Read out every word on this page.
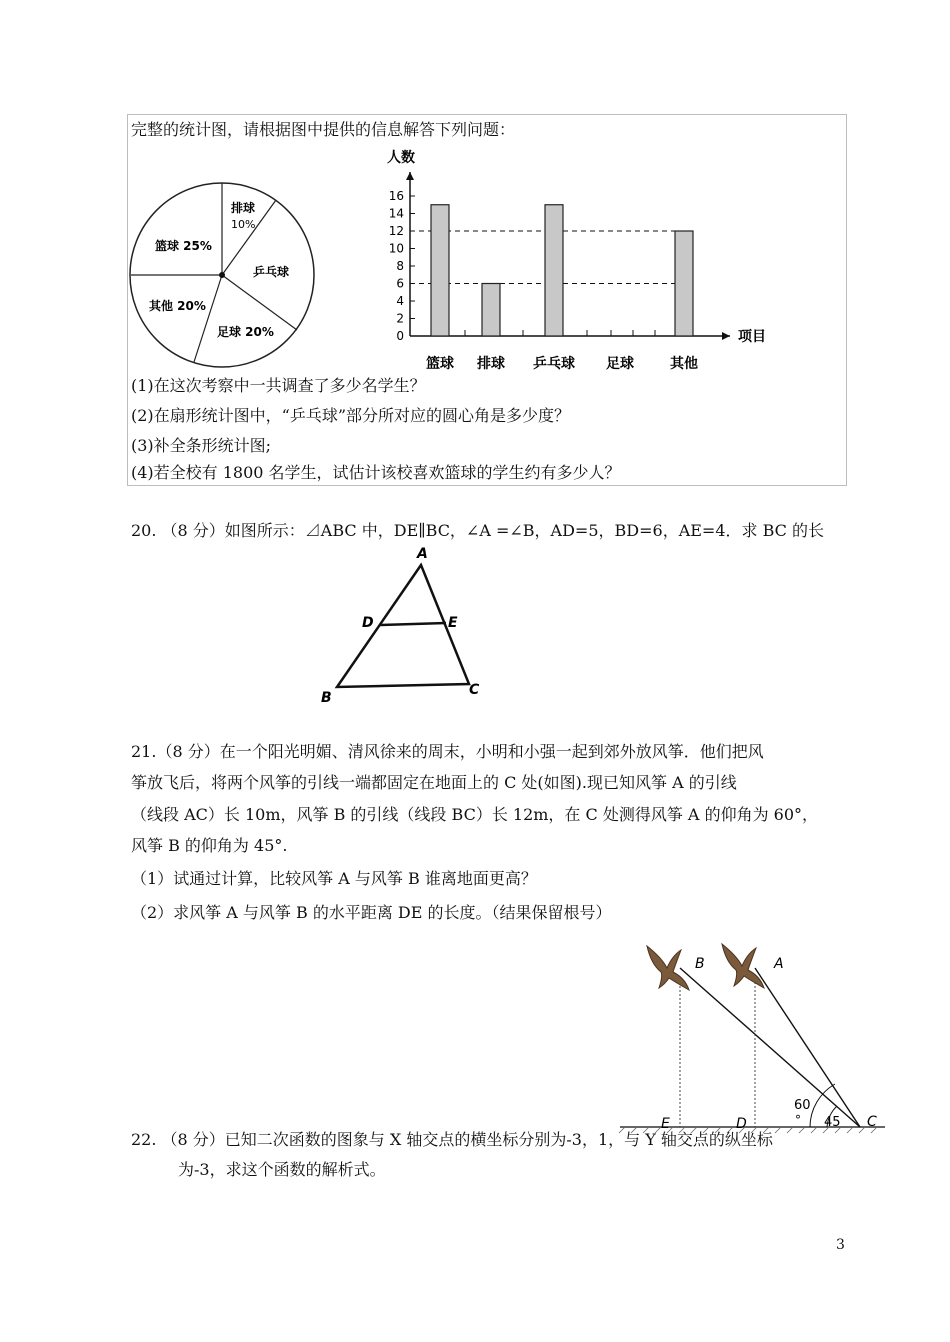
完整的统计图，请根据图中提供的信息解答下列问题：
排球
10%
乒乓球
足球 20%
其他 20%
篮球 25%
人数
项目
0
2
4
6
8
10
12
14
16
篮球 排球 乒乓球 足球	其他
(1)在这次考察中一共调查了多少名学生？
(2)在扇形统计图中，“乒乓球”部分所对应的圆心角是多少度？
(3)补全条形统计图;
(4)若全校有 1800 名学生，试估计该校喜欢篮球的学生约有多少人？
20. （8 分）如图所示：⊿ABC 中，DE∥BC，∠A =∠B，AD=5，BD=6，AE=4．求 BC 的长
A
D	E
B	C
21.（8 分）在一个阳光明媚、清风徐来的周末，小明和小强一起到郊外放风筝．他们把风
筝放飞后，将两个风筝的引线一端都固定在地面上的 C 处(如图).现已知风筝 A 的引线
（线段 AC）长 10m，风筝 B 的引线（线段 BC）长 12m，在 C 处测得风筝 A 的仰角为 60°，
风筝 B 的仰角为 45°.
（1）试通过计算，比较风筝 A 与风筝 B 谁离地面更高？
（2）求风筝 A 与风筝 B 的水平距离 DE 的长度。（结果保留根号）
B	A
E	D	C
60
° 45
22. （8 分）已知二次函数的图象与 X 轴交点的横坐标分别为-3，1，与 Y 轴交点的纵坐标
为-3，求这个函数的解析式。
3
